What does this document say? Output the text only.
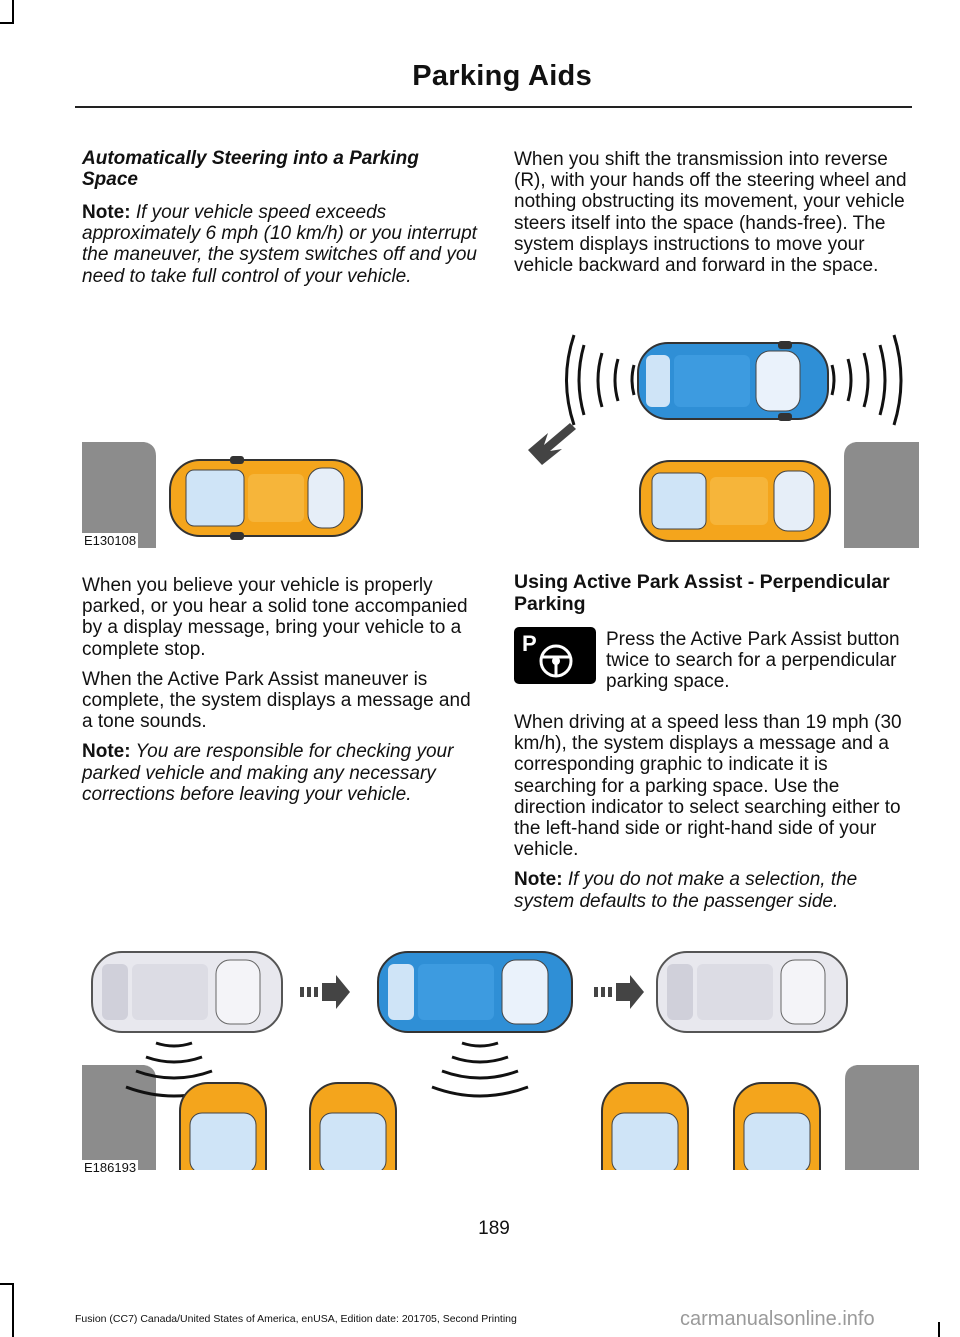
Parking Aids
Automatically Steering into a Parking Space

Note: If your vehicle speed exceeds approximately 6 mph (10 km/h) or you interrupt the maneuver, the system switches off and you need to take full control of your vehicle.

E130108

When you believe your vehicle is properly parked, or you hear a solid tone accompanied by a display message, bring your vehicle to a complete stop.

When the Active Park Assist maneuver is complete, the system displays a message and a tone sounds.

Note: You are responsible for checking your parked vehicle and making any necessary corrections before leaving your vehicle.

When you shift the transmission into reverse (R), with your hands off the steering wheel and nothing obstructing its movement, your vehicle steers itself into the space (hands-free). The system displays instructions to move your vehicle backward and forward in the space.

Using Active Park Assist - Perpendicular Parking
P	Press the Active Park Assist button twice to search for a perpendicular parking space.

When driving at a speed less than 19 mph (30 km/h), the system displays a message and a corresponding graphic to indicate it is searching for a parking space. Use the direction indicator to select searching either to the left-hand side or right-hand side of your vehicle.

Note: If you do not make a selection, the system defaults to the passenger side.

E186193
189
Fusion (CC7) Canada/United States of America, enUSA, Edition date: 201705, Second Printing	carmanualsonline.info
